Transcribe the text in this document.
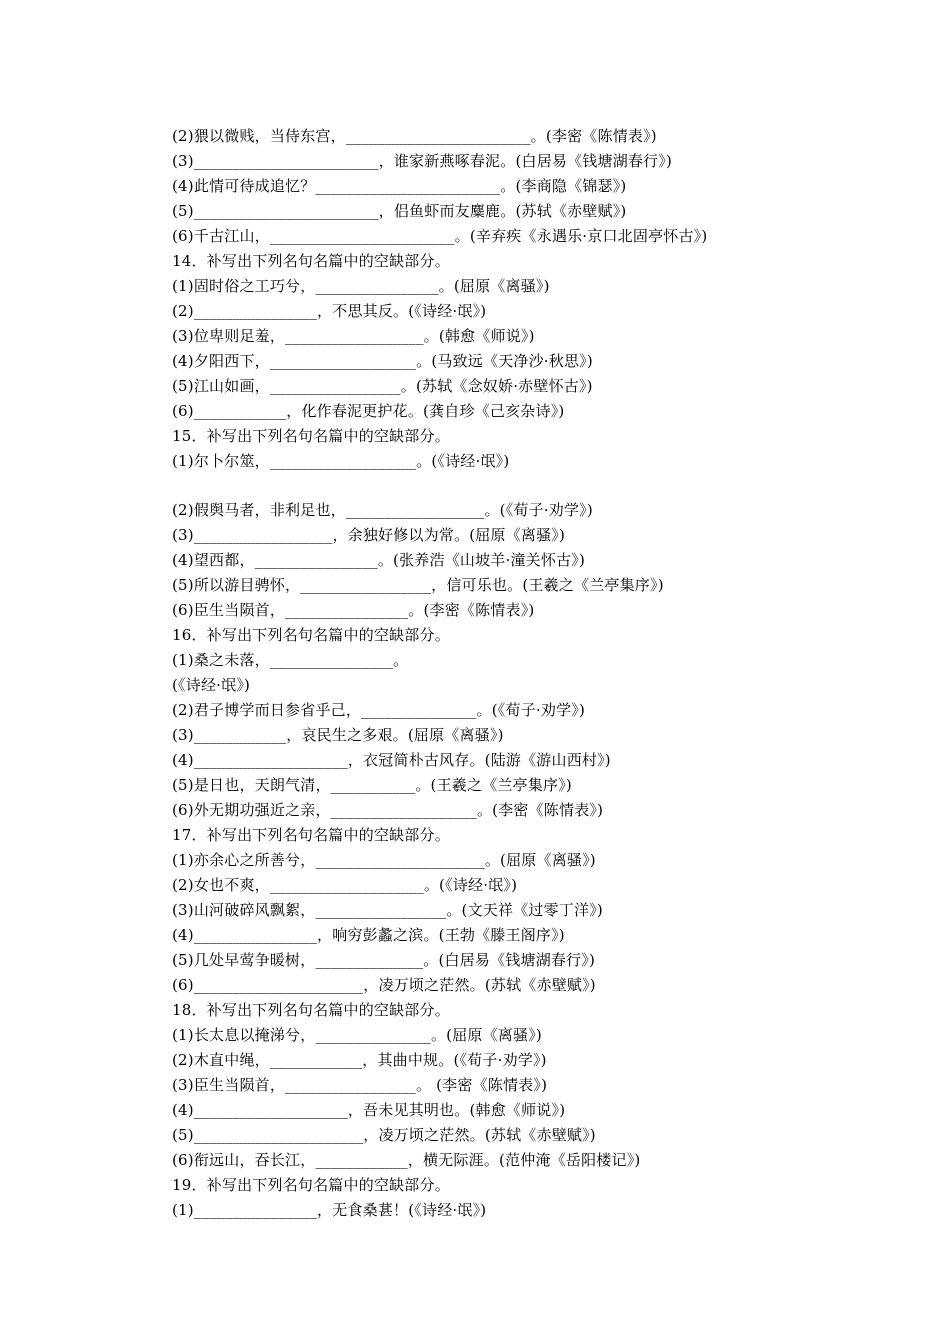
(2)猥以微贱，当侍东宫，________________________。(李密《陈情表》)
(3)________________________，谁家新燕啄春泥。(白居易《钱塘湖春行》)
(4)此情可待成追忆？________________________。(李商隐《锦瑟》)
(5)________________________，侣鱼虾而友麋鹿。(苏轼《赤壁赋》)
(6)千古江山，________________________。(辛弃疾《永遇乐·京口北固亭怀古》)
14．补写出下列名句名篇中的空缺部分。
(1)固时俗之工巧兮，________________。(屈原《离骚》)
(2)________________，不思其反。(《诗经·氓》)
(3)位卑则足羞，__________________。(韩愈《师说》)
(4)夕阳西下，___________________。(马致远《天净沙·秋思》)
(5)江山如画，_________________。(苏轼《念奴娇·赤壁怀古》)
(6)____________，化作春泥更护花。(龚自珍《己亥杂诗》)
15．补写出下列名句名篇中的空缺部分。
(1)尔卜尔筮，___________________。(《诗经·氓》)
(2)假舆马者，非利足也，__________________。(《荀子·劝学》)
(3)__________________，余独好修以为常。(屈原《离骚》)
(4)望西都，________________。(张养浩《山坡羊·潼关怀古》)
(5)所以游目骋怀，_________________，信可乐也。(王羲之《兰亭集序》)
(6)臣生当陨首，________________。(李密《陈情表》)
16．补写出下列名句名篇中的空缺部分。
(1)桑之未落，________________。
(《诗经·氓》)
(2)君子博学而日参省乎己，_______________。(《荀子·劝学》)
(3)____________，哀民生之多艰。(屈原《离骚》)
(4)____________________，衣冠简朴古风存。(陆游《游山西村》)
(5)是日也，天朗气清，___________。(王羲之《兰亭集序》)
(6)外无期功强近之亲，___________________。(李密《陈情表》)
17．补写出下列名句名篇中的空缺部分。
(1)亦余心之所善兮，______________________。(屈原《离骚》)
(2)女也不爽，____________________。(《诗经·氓》)
(3)山河破碎风飘絮，_________________。(文天祥《过零丁洋》)
(4)________________，响穷彭蠡之滨。(王勃《滕王阁序》)
(5)几处早莺争暖树，______________。(白居易《钱塘湖春行》)
(6)______________________，凌万顷之茫然。(苏轼《赤壁赋》)
18．补写出下列名句名篇中的空缺部分。
(1)长太息以掩涕兮，_______________。(屈原《离骚》)
(2)木直中绳，____________，其曲中规。(《荀子·劝学》)
(3)臣生当陨首，_________________。 (李密《陈情表》)
(4)____________________，吾未见其明也。(韩愈《师说》)
(5)______________________，凌万顷之茫然。(苏轼《赤壁赋》)
(6)衔远山，吞长江，____________，横无际涯。(范仲淹《岳阳楼记》)
19．补写出下列名句名篇中的空缺部分。
(1)________________，无食桑葚！(《诗经·氓》)
